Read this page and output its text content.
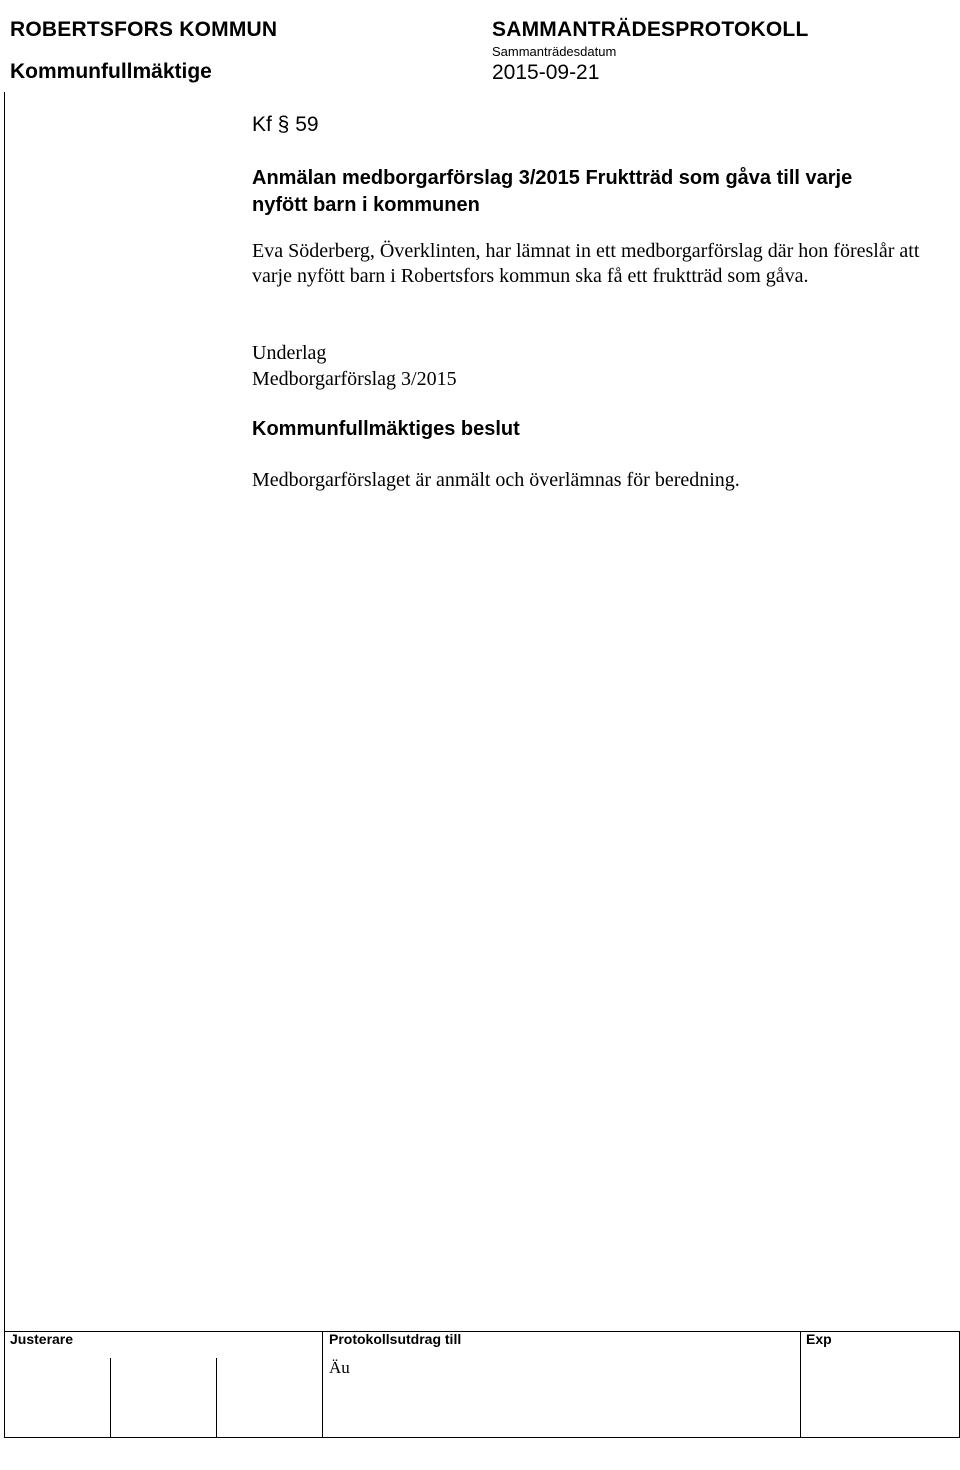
ROBERTSFORS KOMMUN
Kommunfullmäktige
SAMMANTRÄDESPROTOKOLL
Sammanträdesdatum
2015-09-21
Kf § 59
Anmälan medborgarförslag 3/2015 Fruktträd som gåva till varje nyfött barn i kommunen
Eva Söderberg, Överklinten, har lämnat in ett medborgarförslag där hon föreslår att varje nyfött barn i Robertsfors kommun ska få ett fruktträd som gåva.
Underlag
Medborgarförslag 3/2015
Kommunfullmäktiges beslut
Medborgarförslaget är anmält och överlämnas för beredning.
Justerare	Protokollsutdrag till
Äu
Exp
